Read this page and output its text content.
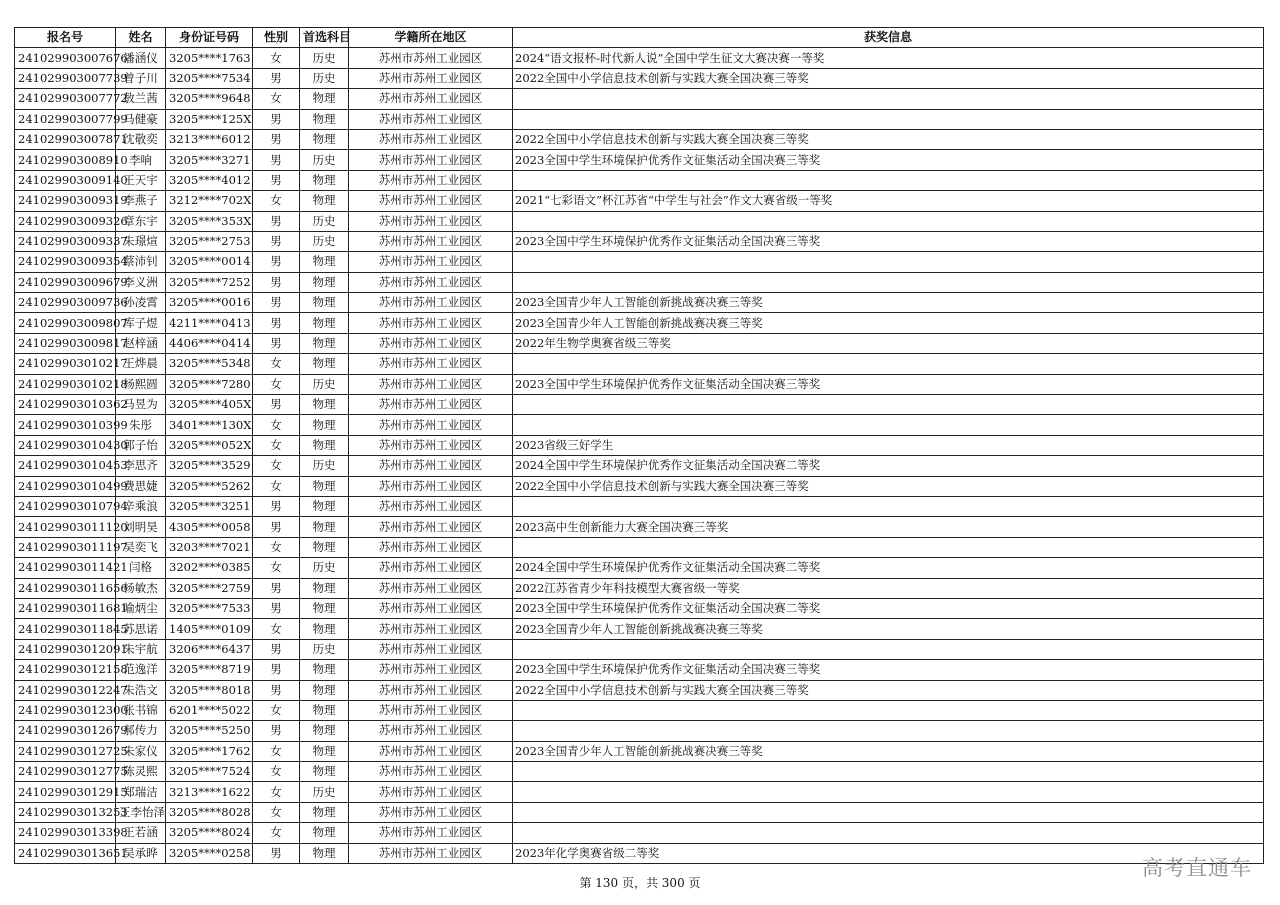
报名号	姓名	身份证号码	性别	首选科目	学籍所在地区	获奖信息
241029903007676	潘涵仪	3205****1763	女	历史	苏州市苏州工业园区	2024“语文报杯-时代新人说”全国中学生征文大赛决赛一等奖
241029903007739	曾子川	3205****7534	男	历史	苏州市苏州工业园区	2022全国中小学信息技术创新与实践大赛全国决赛三等奖
241029903007772	敖兰茜	3205****9648	女	物理	苏州市苏州工业园区	
241029903007799	马健豪	3205****125X	男	物理	苏州市苏州工业园区	
241029903007871	沈敬奕	3213****6012	男	物理	苏州市苏州工业园区	2022全国中小学信息技术创新与实践大赛全国决赛三等奖
241029903008910	李响	3205****3271	男	历史	苏州市苏州工业园区	2023全国中学生环境保护优秀作文征集活动全国决赛三等奖
241029903009140	王天宇	3205****4012	男	物理	苏州市苏州工业园区	
241029903009319	李燕子	3212****702X	女	物理	苏州市苏州工业园区	2021“七彩语文”杯江苏省“中学生与社会”作文大赛省级一等奖
241029903009326	章东宇	3205****353X	男	历史	苏州市苏州工业园区	
241029903009337	朱璟煊	3205****2753	男	历史	苏州市苏州工业园区	2023全国中学生环境保护优秀作文征集活动全国决赛三等奖
241029903009354	蔡沛钊	3205****0014	男	物理	苏州市苏州工业园区	
241029903009679	李义洲	3205****7252	男	物理	苏州市苏州工业园区	
241029903009736	孙凌霄	3205****0016	男	物理	苏州市苏州工业园区	2023全国青少年人工智能创新挑战赛决赛三等奖
241029903009807	库子煜	4211****0413	男	物理	苏州市苏州工业园区	2023全国青少年人工智能创新挑战赛决赛三等奖
241029903009817	赵梓涵	4406****0414	男	物理	苏州市苏州工业园区	2022年生物学奥赛省级三等奖
241029903010217	王烨晨	3205****5348	女	物理	苏州市苏州工业园区	
241029903010218	杨熙圆	3205****7280	女	历史	苏州市苏州工业园区	2023全国中学生环境保护优秀作文征集活动全国决赛三等奖
241029903010362	马昱为	3205****405X	男	物理	苏州市苏州工业园区	
241029903010399	朱彤	3401****130X	女	物理	苏州市苏州工业园区	
241029903010430	郭子怡	3205****052X	女	物理	苏州市苏州工业园区	2023省级三好学生
241029903010453	李思齐	3205****3529	女	历史	苏州市苏州工业园区	2024全国中学生环境保护优秀作文征集活动全国决赛二等奖
241029903010499	费思婕	3205****5262	女	物理	苏州市苏州工业园区	2022全国中小学信息技术创新与实践大赛全国决赛三等奖
241029903010794	辛乘浪	3205****3251	男	物理	苏州市苏州工业园区	
241029903011120	刘明昊	4305****0058	男	物理	苏州市苏州工业园区	2023高中生创新能力大赛全国决赛三等奖
241029903011197	吴奕飞	3203****7021	女	物理	苏州市苏州工业园区	
241029903011421	闫格	3202****0385	女	历史	苏州市苏州工业园区	2024全国中学生环境保护优秀作文征集活动全国决赛二等奖
241029903011656	杨敏杰	3205****2759	男	物理	苏州市苏州工业园区	2022江苏省青少年科技模型大赛省级一等奖
241029903011681	喻炳尘	3205****7533	男	物理	苏州市苏州工业园区	2023全国中学生环境保护优秀作文征集活动全国决赛二等奖
241029903011845	苏思诺	1405****0109	女	物理	苏州市苏州工业园区	2023全国青少年人工智能创新挑战赛决赛三等奖
241029903012091	朱宇航	3206****6437	男	历史	苏州市苏州工业园区	
241029903012158	范逸洋	3205****8719	男	物理	苏州市苏州工业园区	2023全国中学生环境保护优秀作文征集活动全国决赛三等奖
241029903012247	朱浩文	3205****8018	男	物理	苏州市苏州工业园区	2022全国中小学信息技术创新与实践大赛全国决赛三等奖
241029903012300	张书锦	6201****5022	女	物理	苏州市苏州工业园区	
241029903012679	郝传力	3205****5250	男	物理	苏州市苏州工业园区	
241029903012725	朱家仪	3205****1762	女	物理	苏州市苏州工业园区	2023全国青少年人工智能创新挑战赛决赛三等奖
241029903012775	陈灵熙	3205****7524	女	物理	苏州市苏州工业园区	
241029903012915	郑瑞洁	3213****1622	女	历史	苏州市苏州工业园区	
241029903013253	王李怡泽	3205****8028	女	物理	苏州市苏州工业园区	
241029903013398	王若涵	3205****8024	女	物理	苏州市苏州工业园区	
241029903013651	吴承晔	3205****0258	男	物理	苏州市苏州工业园区	2023年化学奥赛省级二等奖
第 130 页，共 300 页
高考直通车
